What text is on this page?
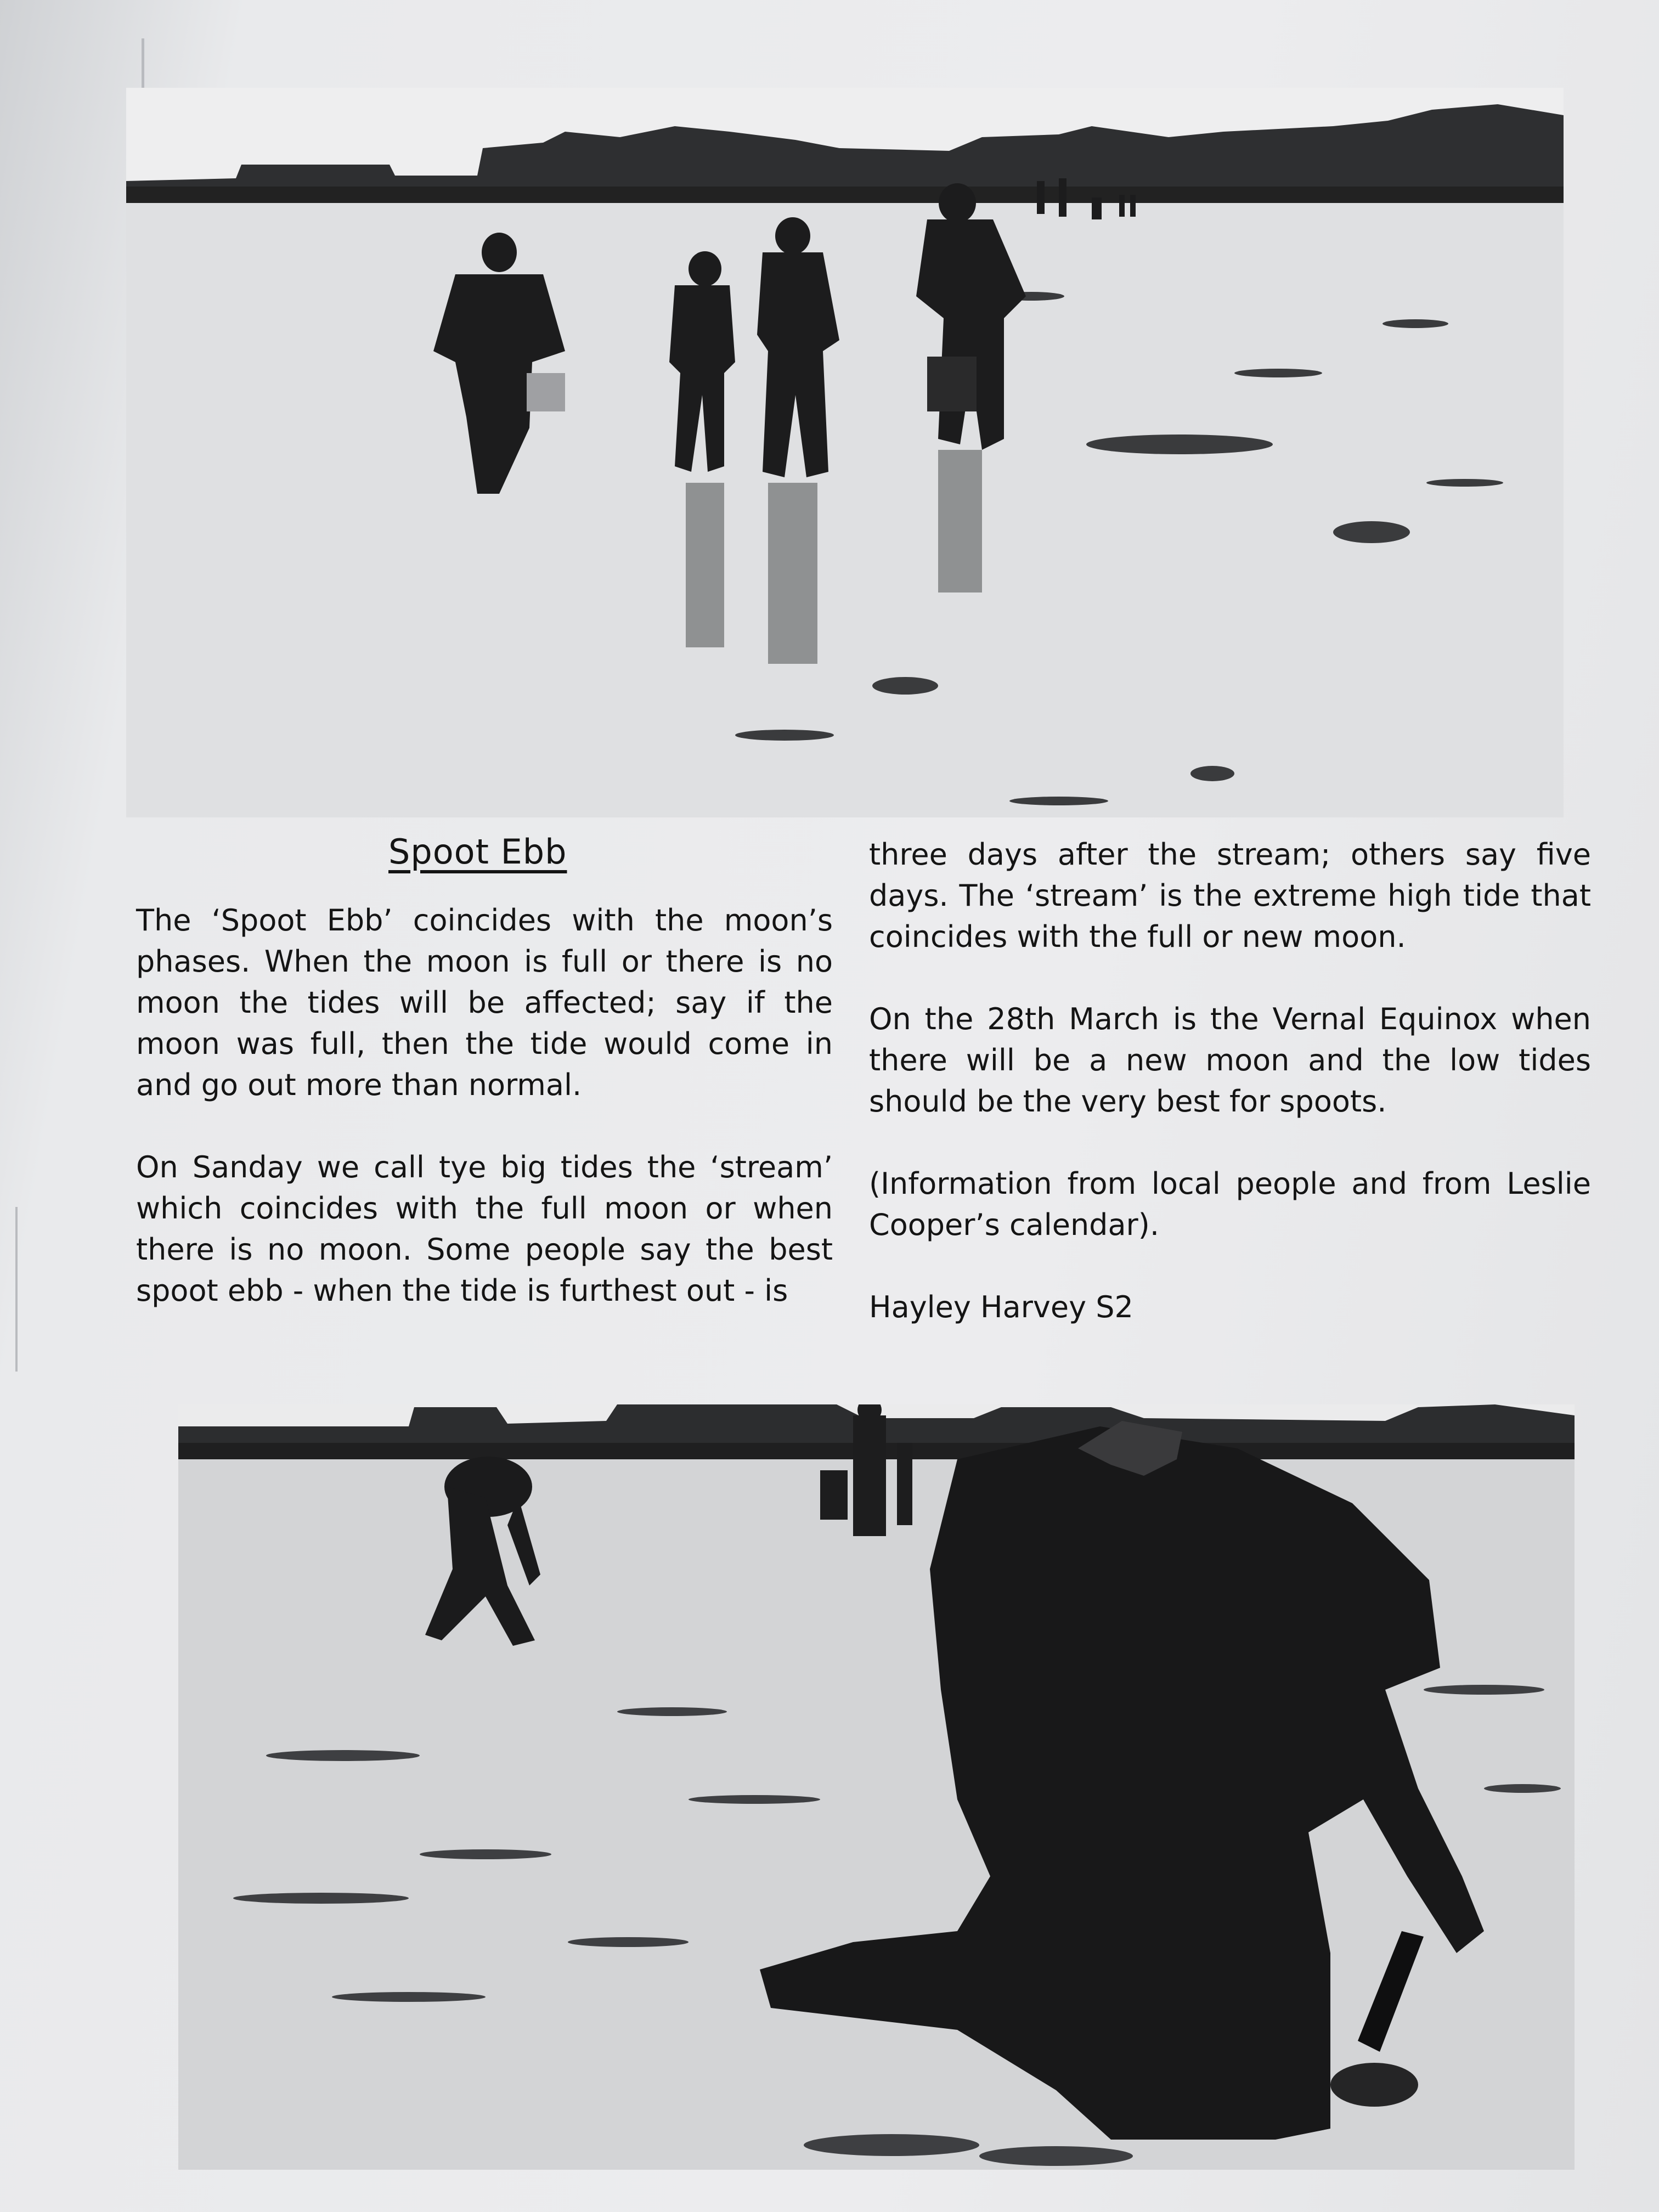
Spoot Ebb

The ‘Spoot Ebb’ coincides with the moon’s phases. When the moon is full or there is no moon the tides will be affected; say if the moon was full, then the tide would come in and go out more than normal.

On Sanday we call tye big tides the ‘stream’ which coincides with the full moon or when there is no moon. Some people say the best spoot ebb - when the tide is furthest out - is

three days after the stream; others say five days. The ‘stream’ is the extreme high tide that coincides with the full or new moon.

On the 28th March is the Vernal Equinox when there will be a new moon and the low tides should be the very best for spoots.

(Information from local people and from Leslie Cooper’s calendar).

Hayley Harvey S2
